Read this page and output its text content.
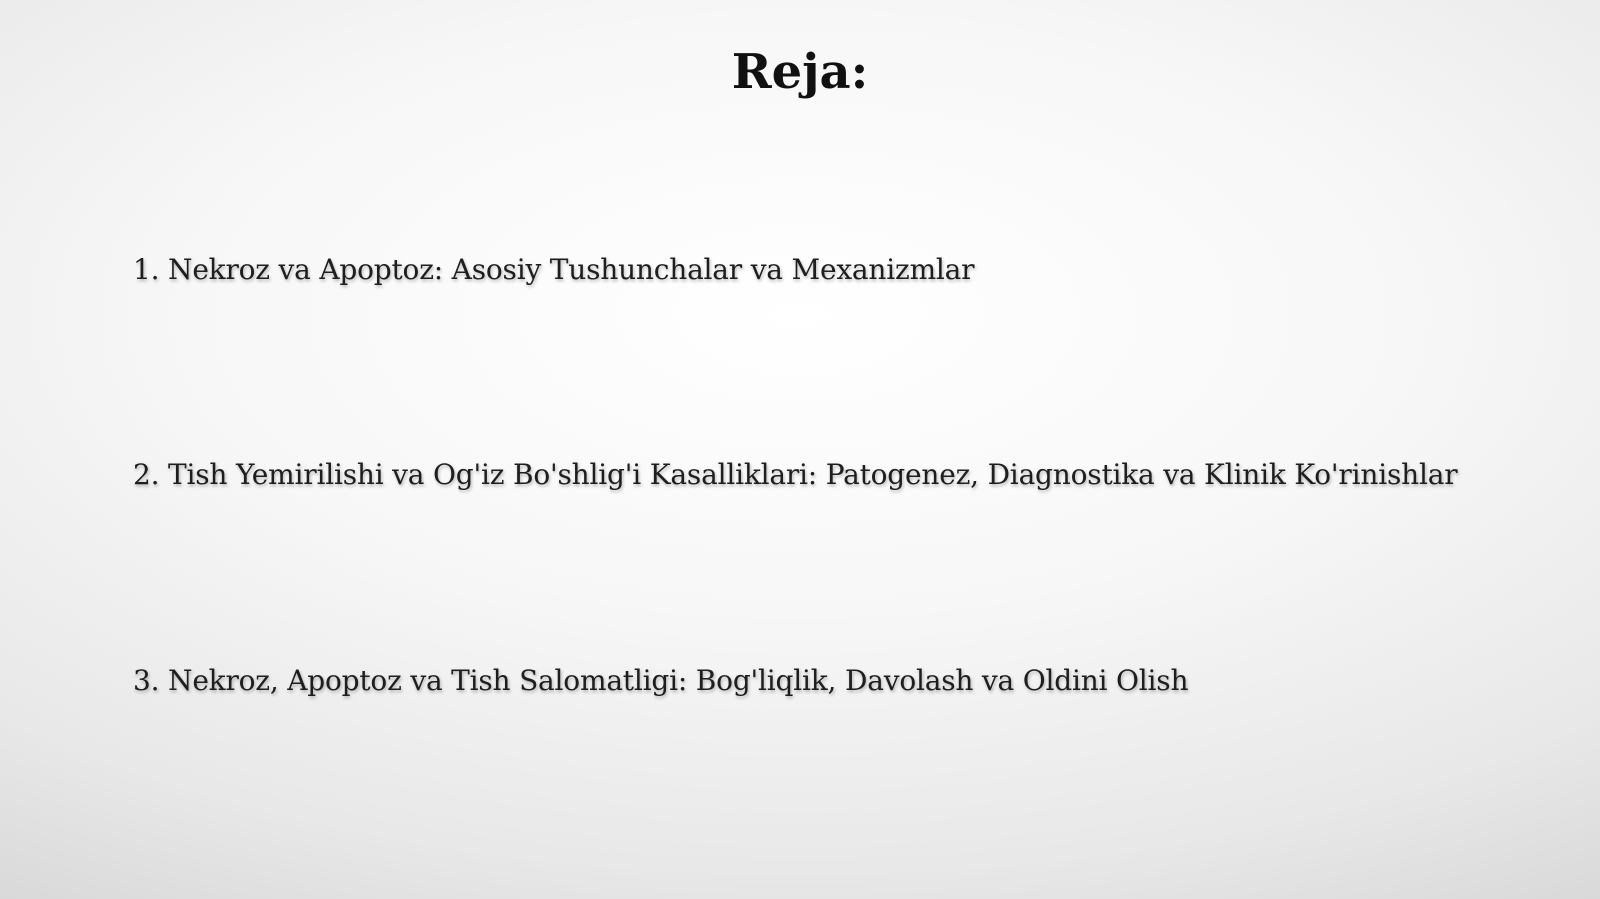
Reja:
1. Nekroz va Apoptoz: Asosiy Tushunchalar va Mexanizmlar
2. Tish Yemirilishi va Og'iz Bo'shlig'i Kasalliklari: Patogenez, Diagnostika va Klinik Ko'rinishlar
3. Nekroz, Apoptoz va Tish Salomatligi: Bog'liqlik, Davolash va Oldini Olish
